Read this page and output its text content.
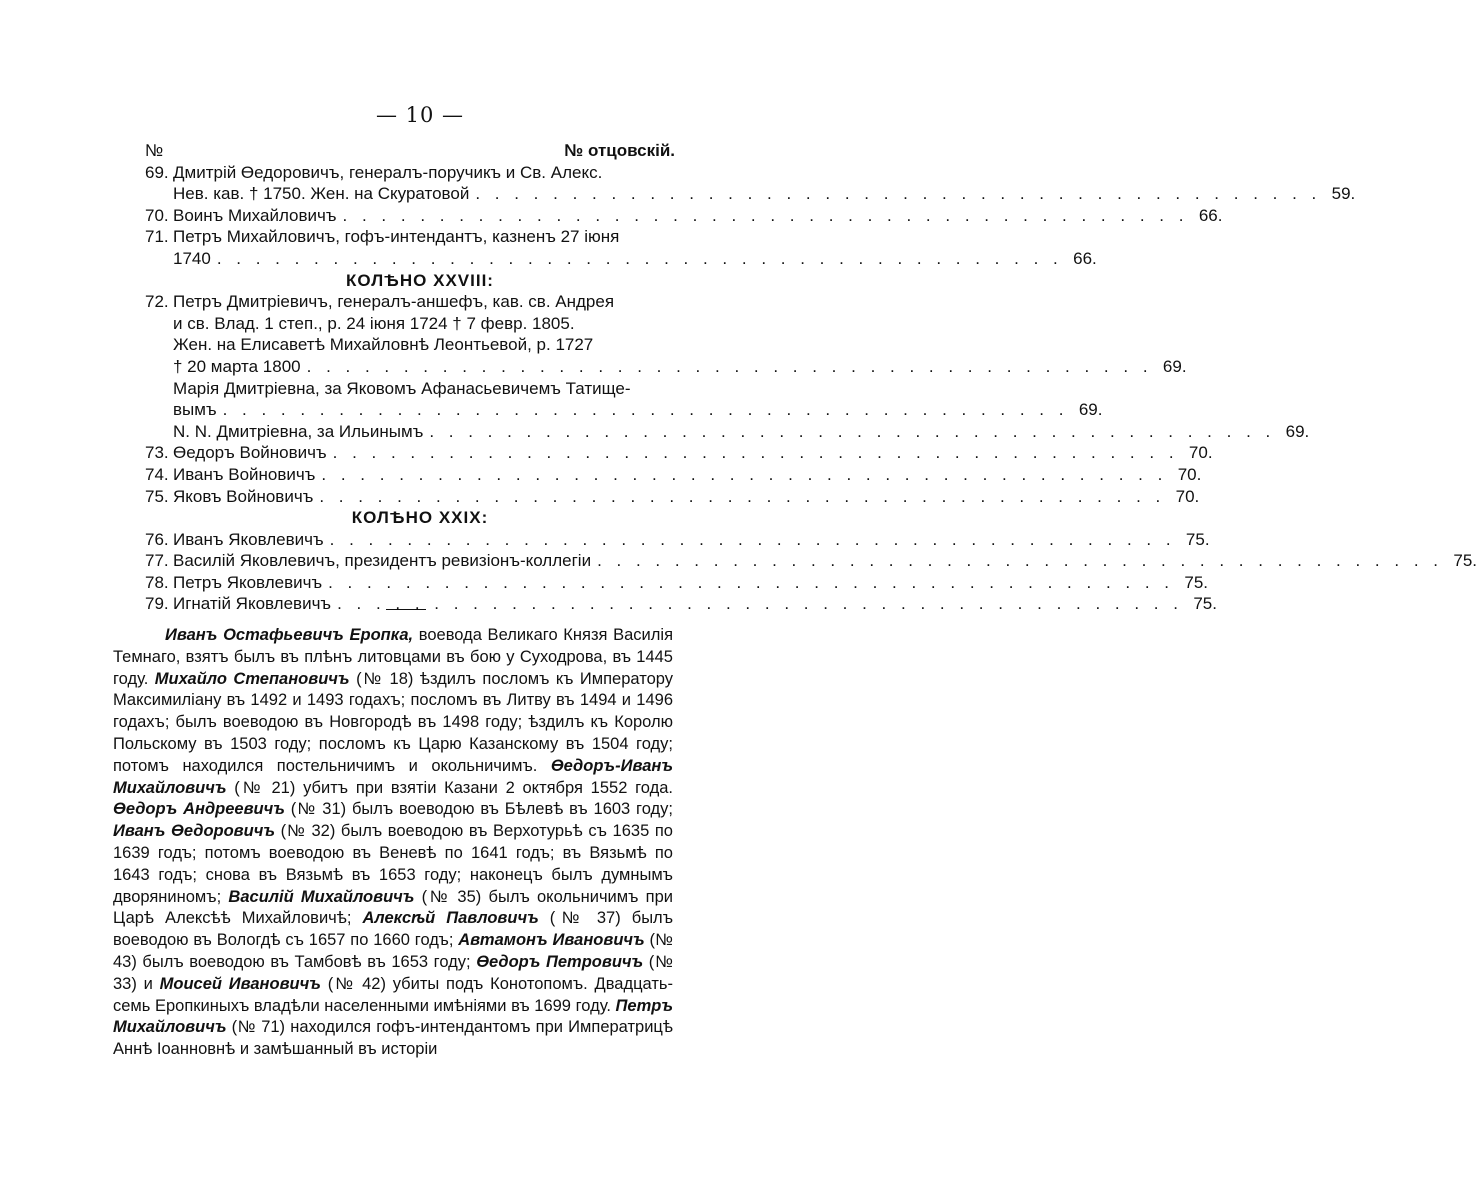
— 10 —
№	№ отцовскій.
69. Дмитрій Өедоровичъ, генералъ-поручикъ и Св. Алекс.
Нев. кав. † 1750. Жен. на Скуратовой . . . . . . . . . . . . . . . . . . . . . . . . . . . . . . . . . . . . . . . . . . . . 59.
70. Воинъ Михайловичъ . . . . . . . . . . . . . . . . . . . . . . . . . . . . . . . . . . . . . . . . . . . . 66.
71. Петръ Михайловичъ, гофъ-интендантъ, казненъ 27 іюня
1740 . . . . . . . . . . . . . . . . . . . . . . . . . . . . . . . . . . . . . . . . . . . . 66.
КОЛѢНО XXVIII:
72. Петръ Дмитріевичъ, генералъ-аншефъ, кав. св. Андрея
и св. Влад. 1 степ., р. 24 іюня 1724 † 7 февр. 1805.
Жен. на Елисаветѣ Михайловнѣ Леонтьевой, р. 1727
† 20 марта 1800 . . . . . . . . . . . . . . . . . . . . . . . . . . . . . . . . . . . . . . . . . . . . 69.
Марія Дмитріевна, за Яковомъ Афанасьевичемъ Татище-
вымъ . . . . . . . . . . . . . . . . . . . . . . . . . . . . . . . . . . . . . . . . . . . . 69.
N. N. Дмитріевна, за Ильинымъ . . . . . . . . . . . . . . . . . . . . . . . . . . . . . . . . . . . . . . . . . . . . 69.
73. Өедоръ Войновичъ . . . . . . . . . . . . . . . . . . . . . . . . . . . . . . . . . . . . . . . . . . . . 70.
74. Иванъ Войновичъ . . . . . . . . . . . . . . . . . . . . . . . . . . . . . . . . . . . . . . . . . . . . 70.
75. Яковъ Войновичъ . . . . . . . . . . . . . . . . . . . . . . . . . . . . . . . . . . . . . . . . . . . . 70.
КОЛѢНО XXIX:
76. Иванъ Яковлевичъ . . . . . . . . . . . . . . . . . . . . . . . . . . . . . . . . . . . . . . . . . . . . 75.
77. Василій Яковлевичъ, президентъ ревизіонъ-коллегіи . . . . . . . . . . . . . . . . . . . . . . . . . . . . . . . . . . . . . . . . . . . . 75.
78. Петръ Яковлевичъ . . . . . . . . . . . . . . . . . . . . . . . . . . . . . . . . . . . . . . . . . . . . 75.
79. Игнатій Яковлевичъ . . . . . . . . . . . . . . . . . . . . . . . . . . . . . . . . . . . . . . . . . . . . 75.
Иванъ Остафьевичъ Еропка, воевода Великаго Князя Василія Темнаго, взятъ былъ въ плѣнъ литовцами въ бою у Суходрова, въ 1445 году. Михайло Степановичъ (№ 18) ѣздилъ посломъ къ Императору Максимиліану въ 1492 и 1493 годахъ; посломъ въ Литву въ 1494 и 1496 годахъ; былъ воеводою въ Новгородѣ въ 1498 году; ѣздилъ къ Королю Польскому въ 1503 году; посломъ къ Царю Казанскому въ 1504 году; потомъ находился постельничимъ и окольничимъ. Өедоръ-Иванъ Михайловичъ (№ 21) убитъ при взятіи Казани 2 октября 1552 года. Өедоръ Андреевичъ (№ 31) былъ воеводою въ Бѣлевѣ въ 1603 году; Иванъ Өедоровичъ (№ 32) былъ воеводою въ Верхотурьѣ съ 1635 по 1639 годъ; потомъ воеводою въ Веневѣ по 1641 годъ; въ Вязьмѣ по 1643 годъ; снова въ Вязьмѣ въ 1653 году; наконецъ былъ думнымъ дворяниномъ; Василій Михайловичъ (№ 35) былъ окольничимъ при Царѣ Алексѣѣ Михайловичѣ; Алексѣй Павловичъ (№ 37) былъ воеводою въ Вологдѣ съ 1657 по 1660 годъ; Автамонъ Ивановичъ (№ 43) былъ воеводою въ Тамбовѣ въ 1653 году; Өедоръ Петровичъ (№ 33) и Моисей Ивановичъ (№ 42) убиты подъ Конотопомъ. Двадцать-семь Еропкиныхъ владѣли населенными имѣніями въ 1699 году. Петръ Михайловичъ (№ 71) находился гофъ-интендантомъ при Императрицѣ Аннѣ Іоанновнѣ и замѣшанный въ исторіи
